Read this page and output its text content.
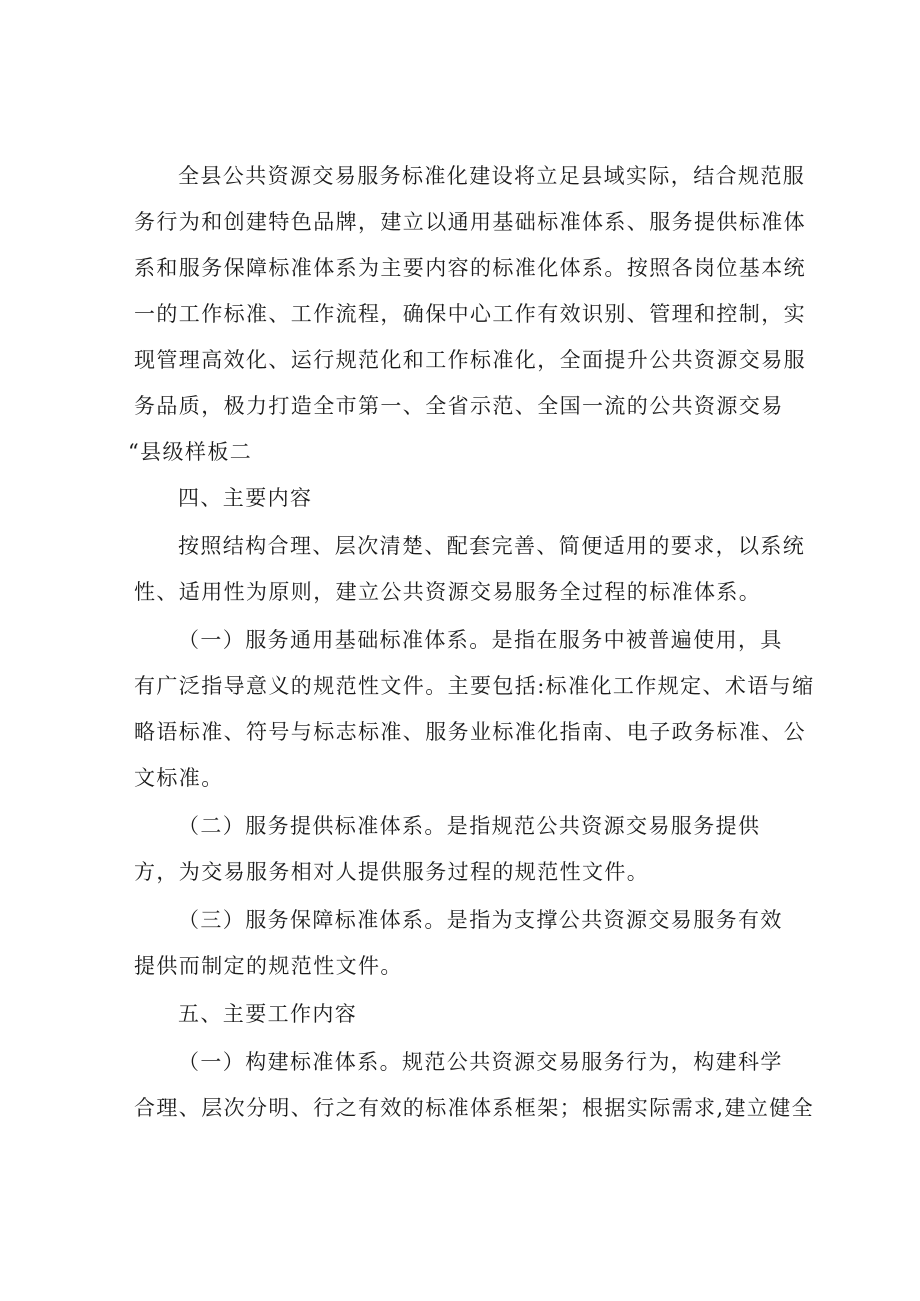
全县公共资源交易服务标准化建设将立足县域实际，结合规范服
务行为和创建特色品牌，建立以通用基础标准体系、服务提供标准体
系和服务保障标准体系为主要内容的标准化体系。按照各岗位基本统
一的工作标准、工作流程，确保中心工作有效识别、管理和控制，实
现管理高效化、运行规范化和工作标准化，全面提升公共资源交易服
务品质，极力打造全市第一、全省示范、全国一流的公共资源交易
“县级样板二
四、主要内容
按照结构合理、层次清楚、配套完善、简便适用的要求，以系统
性、适用性为原则，建立公共资源交易服务全过程的标准体系。
（一）服务通用基础标准体系。是指在服务中被普遍使用，具
有广泛指导意义的规范性文件。主要包括:标准化工作规定、术语与缩
略语标准、符号与标志标准、服务业标准化指南、电子政务标准、公
文标准。
（二）服务提供标准体系。是指规范公共资源交易服务提供
方，为交易服务相对人提供服务过程的规范性文件。
（三）服务保障标准体系。是指为支撑公共资源交易服务有效
提供而制定的规范性文件。
五、主要工作内容
（一）构建标准体系。规范公共资源交易服务行为，构建科学
合理、层次分明、行之有效的标准体系框架；根据实际需求,建立健全
